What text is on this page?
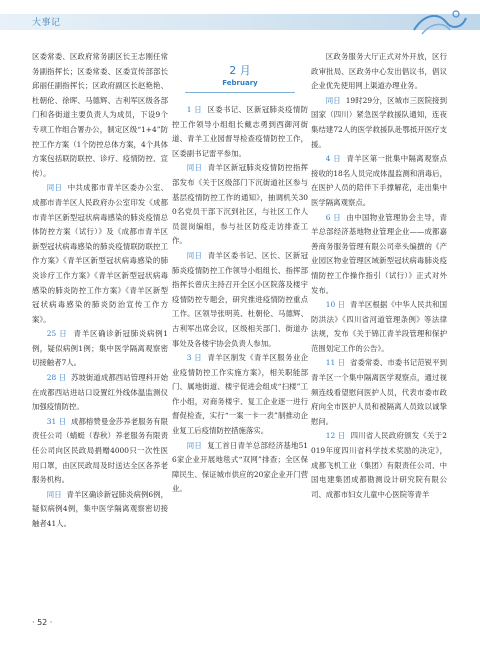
大事记

区委常委、区政府常务副区长王志刚任常务副指挥长；区委常委、区委宣传部部长邱丽任副指挥长；区政府副区长赵艳艳、杜朝伦、徐晖、马德辉、古利军区级各部门和各街道主要负责人为成员，下设9个专项工作组合署办公，制定区级“1+4”防控工作方案（1个防控总体方案，4个具体方案包括联防联控、诊疗、疫情防控、宣传）。

同日 中共成都市青羊区委办公室、成都市青羊区人民政府办公室印发《成都市青羊区新型冠状病毒感染的肺炎疫情总体防控方案（试行）》及《成都市青羊区新型冠状病毒感染的肺炎疫情联防联控工作方案》《青羊区新型冠状病毒感染的肺炎诊疗工作方案》《青羊区新型冠状病毒感染的肺炎防控工作方案》《青羊区新型冠状病毒感染的肺炎防治宣传工作方案》。

25 日 青羊区确诊新冠肺炎病例1例，疑似病例1例；集中医学隔离观察密切接触者7人。

28 日 苏坡街道成都西站管理科开始在成都西站进站口设置红外线体温监测仪加强疫情防控。

31 日 成都榕赞曼金莎养老服务有限责任公司（蜻蜓（春秋）养老服务有限责任公司向区民政局捐赠4000只一次性医用口罩，由区民政局及时送达全区各养老服务机构。

同日 青羊区确诊新冠肺炎病例6例，疑似病例4例，集中医学隔离观察密切接触者41人。

2 月
February

1 日 区委书记、区新冠肺炎疫情防控工作领导小组组长戴志勇到西御河街道、青羊工业园督导检查疫情防控工作，区委副书记雷平参加。

同日 青羊区新冠肺炎疫情防控指挥部发布《关于区级部门下沉街道社区参与基层疫情防控工作的通知》，抽调机关300名党员干部下沉到社区，与社区工作人员混岗编组，参与社区防疫走访排查工作。

同日 青羊区委书记、区长、区新冠肺炎疫情防控工作领导小组组长、指挥部指挥长曾庆主持召开全区小区院落及楼宇疫情防控专题会，研究推进疫情防控重点工作。区领导张明英、杜朝伦、马德辉、古利军出席会议，区级相关部门、街道办事处及各楼宇协会负责人参加。

3 日 青羊区制发《青羊区服务业企业疫情防控工作实施方案》，相关职能部门、属地街道、楼宇促进会组成“扫楼”工作小组，对商务楼宇、复工企业逐一进行督促检查，实行“一案一卡一表”制推动企业复工后疫情防控措施落实。

同日 复工首日青羊总部经济基地516家企业开展地毯式“双网”排查；全区保障民生、保证城市供应的20家企业开门营业。

区政务服务大厅正式对外开放，区行政审批局、区政务中心发出倡议书，倡议企业优先使用网上渠道办理业务。

同日 19时29分，区城市三医院接到国家（四川）紧急医学救援队通知，连夜集结建72人的医学救援队赴鄂抵开医疗支援。

4 日 青羊区第一批集中隔离观察点接收的18名人员完成体温监测和消毒后，在医护人员的陪伴下手撑解花，走出集中医学隔离观察点。

6 日 由中国物业管理协会主导，青羊总部经济基地物业管理企业——成都嘉善商务服务管理有限公司牵头编撰的《产业园区物业管理区域新型冠状病毒肺炎疫情防控工作操作指引（试行）》正式对外发布。

10 日 青羊区根据《中华人民共和国防洪法》《四川省河道管理条例》等法律法规，发布《关于锦江青羊段管理和保护范围划定工作的公告》。

11 日 省委常委、市委书记范锐平到青羊区一个集中隔离医学观察点，通过视频连线看望慰问医护人员，代表市委市政府向全市医护人员和被隔离人员致以诚挚慰问。

12 日 四川省人民政府颁发《关于2019年度四川省科学技术奖励的决定》，成都飞机工业（集团）有限责任公司、中国电建集团成都勘测设计研究院有限公司、成都市妇女儿童中心医院等青羊

· 52 ·
